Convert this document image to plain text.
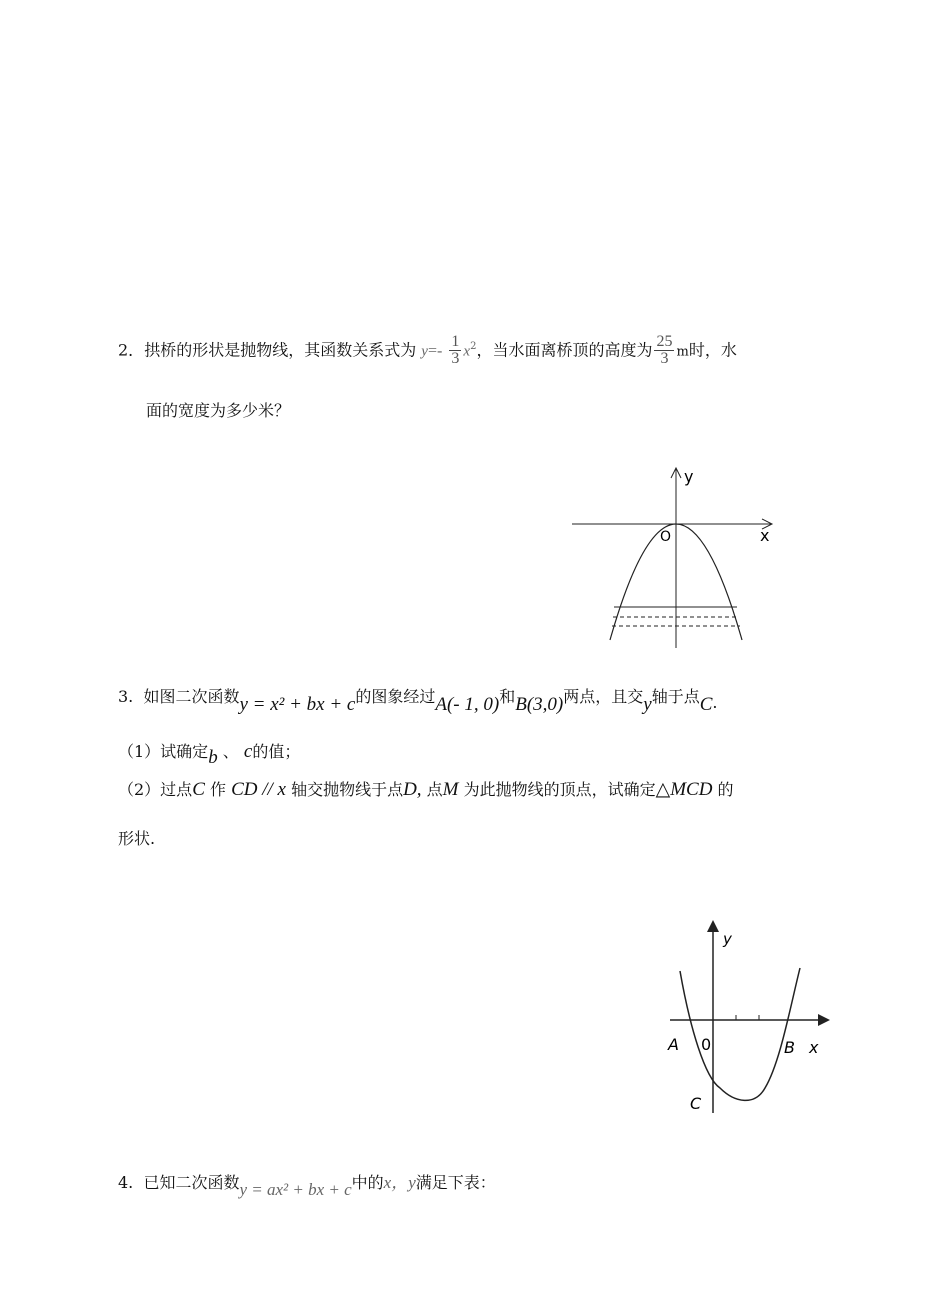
2．拱桥的形状是抛物线，其函数关系式为 $y=- \frac{1}{3} x^2$，当水面离桥顶的高度为 $\frac{25}{3}$ m时，水
面的宽度为多少米？
y
x
O
3. 如图二次函数y = x² + bx + c的图象经过A(- 1, 0)和B(3,0)两点，且交y轴于点C.
（1）试确定b 、 c的值；
（2）过点C 作 CD // x 轴交抛物线于点D, 点M 为此抛物线的顶点，试确定△MCD 的
形状.
y
x
A 0	B
C
4. 已知二次函数y = ax² + bx + c中的x，y满足下表：
